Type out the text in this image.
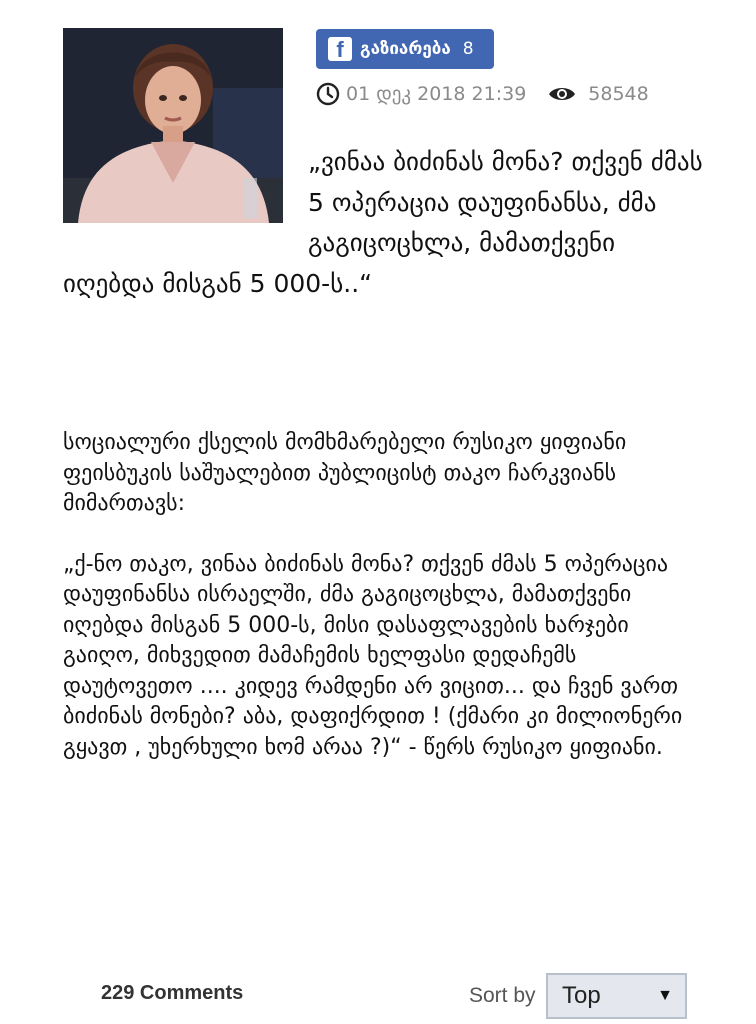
f გაზიარება 8
01 დეკ 2018 21:39	58548
„ვინაა ბიძინას მონა? თქვენ ძმას 5 ოპერაცია დაუფინანსა, ძმა გაგიცოცხლა, მამათქვენი იღებდა მისგან 5 000-ს..“

სოციალური ქსელის მომხმარებელი რუსიკო ყიფიანი ფეისბუკის საშუალებით პუბლიცისტ თაკო ჩარკვიანს მიმართავს:

„ქ-ნო თაკო, ვინაა ბიძინას მონა? თქვენ ძმას 5 ოპერაცია დაუფინანსა ისრაელში, ძმა გაგიცოცხლა, მამათქვენი იღებდა მისგან 5 000-ს, მისი დასაფლავების ხარჯები გაიღო, მიხვედით მამაჩემის ხელფასი დედაჩემს დაუტოვეთო .... კიდევ რამდენი არ ვიცით... და ჩვენ ვართ ბიძინას მონები? აბა, დაფიქრდით ! (ქმარი კი მილიონერი გყავთ , უხერხული ხომ არაა ?)“ - წერს რუსიკო ყიფიანი.

229 Comments	Sort by Top	▼
